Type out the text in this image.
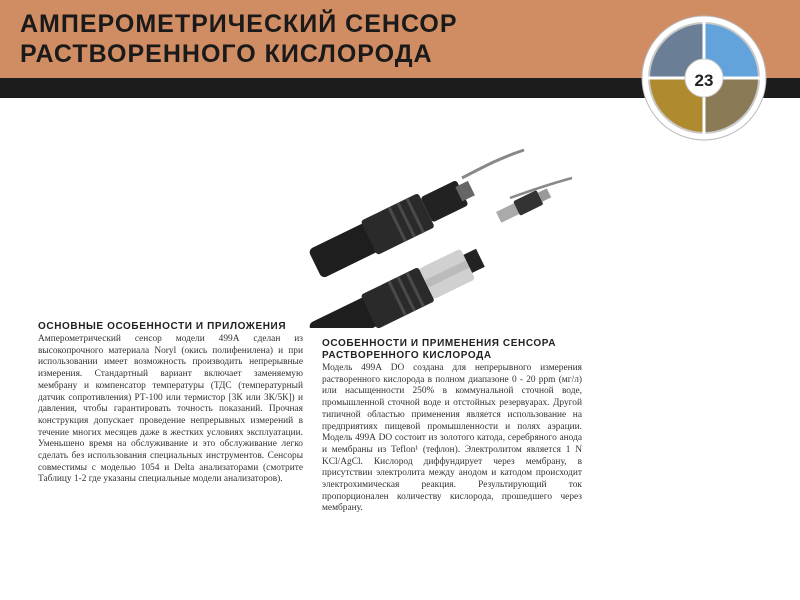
АМПЕРОМЕТРИЧЕСКИЙ СЕНСОР
РАСТВОРЕННОГО КИСЛОРОДА
23
ОСНОВНЫЕ ОСОБЕННОСТИ И ПРИЛОЖЕНИЯ

Амперометрический сенсор модели 499А сделан из высокопрочного материала Noryl (окись полифенилена) и при использовании имеет возможность производить непрерывные измерения. Стандартный вариант включает заменяемую мембрану и компенсатор температуры (ТДС (температурный датчик сопротивления) РТ-100 или термистор [3К или 3К/5К]) и давления, чтобы гарантировать точность показаний. Прочная конструкция допускает проведение непрерывных измерений в течение многих месяцев даже в жестких условиях эксплуатации. Уменьшено время на обслуживание и это обслуживание легко сделать без использования специальных инструментов. Сенсоры совместимы с моделью 1054 и Delta анализаторами (смотрите Таблицу 1-2 где указаны специальные модели анализаторов).

ОСОБЕННОСТИ И ПРИМЕНЕНИЯ СЕНСОРА РАСТВОРЕННОГО КИСЛОРОДА

Модель 499А DO создана для непрерывного измерения растворенного кислорода в полном диапазоне 0 - 20 ppm (мг/л) или насыщенности 250% в коммунальной сточной воде, промышленной сточной воде и отстойных резервуарах. Другой типичной областью применения является использование на предприятиях пищевой промышленности и полях аэрации. Модель 499А DO состоит из золотого катода, серебряного анода и мембраны из Teflon¹ (тефлон). Электролитом является 1 N KCl/AgCl. Кислород диффундирует через мембрану, в присутствии электролита между анодом и катодом происходит электрохимическая реакция. Результирующий ток пропорционален количеству кислорода, прошедшего через мембрану.
